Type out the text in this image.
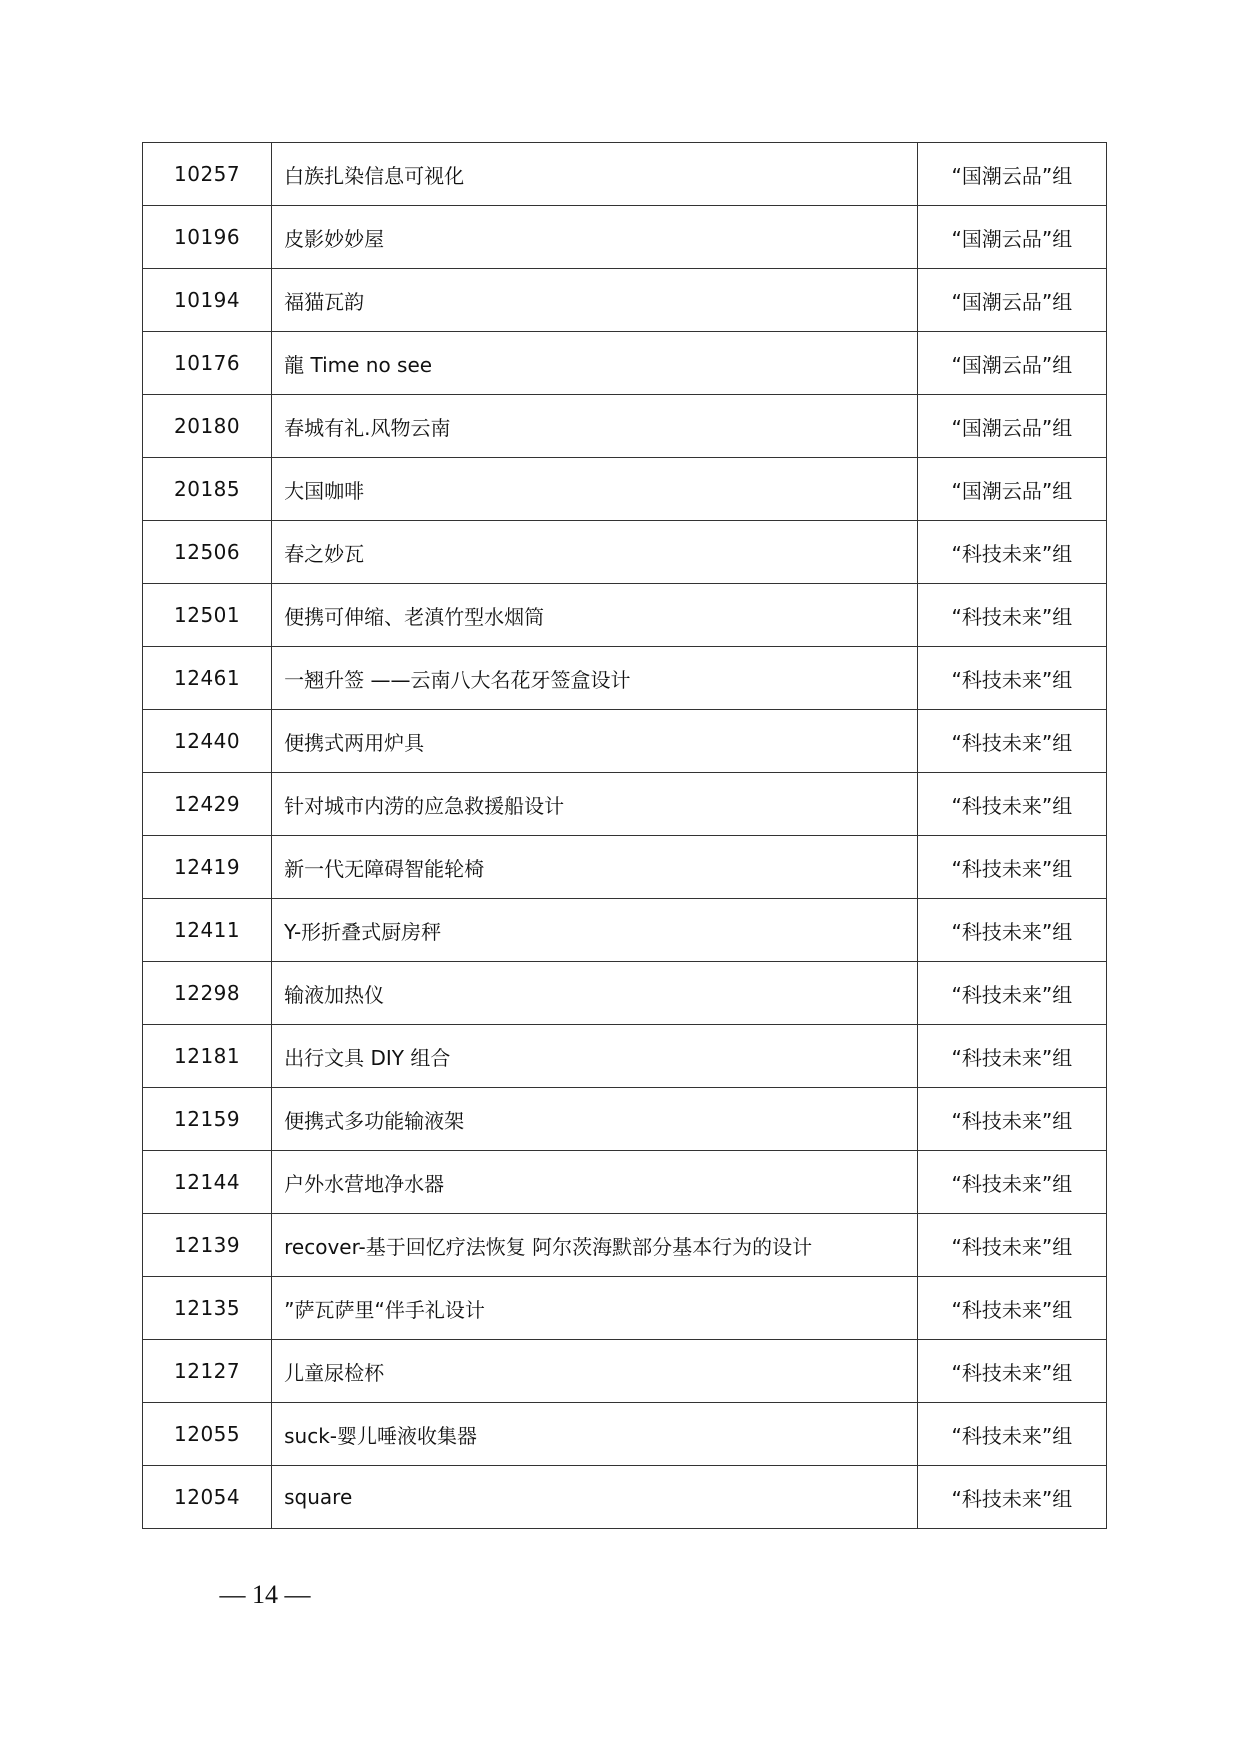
10257	白族扎染信息可视化	“国潮云品”组
10196	皮影妙妙屋	“国潮云品”组
10194	福猫瓦韵	“国潮云品”组
10176	龍 Time no see	“国潮云品”组
20180	春城有礼.风物云南	“国潮云品”组
20185	大国咖啡	“国潮云品”组
12506	春之妙瓦	“科技未来”组
12501	便携可伸缩、老滇竹型水烟筒	“科技未来”组
12461	一翘升签 ——云南八大名花牙签盒设计	“科技未来”组
12440	便携式两用炉具	“科技未来”组
12429	针对城市内涝的应急救援船设计	“科技未来”组
12419	新一代无障碍智能轮椅	“科技未来”组
12411	Y-形折叠式厨房秤	“科技未来”组
12298	输液加热仪	“科技未来”组
12181	出行文具 DIY 组合	“科技未来”组
12159	便携式多功能输液架	“科技未来”组
12144	户外水营地净水器	“科技未来”组
12139	recover-基于回忆疗法恢复 阿尔茨海默部分基本行为的设计	“科技未来”组
12135	”萨瓦萨里“伴手礼设计	“科技未来”组
12127	儿童尿检杯	“科技未来”组
12055	suck-婴儿唾液收集器	“科技未来”组
12054	square	“科技未来”组
— 14 —
